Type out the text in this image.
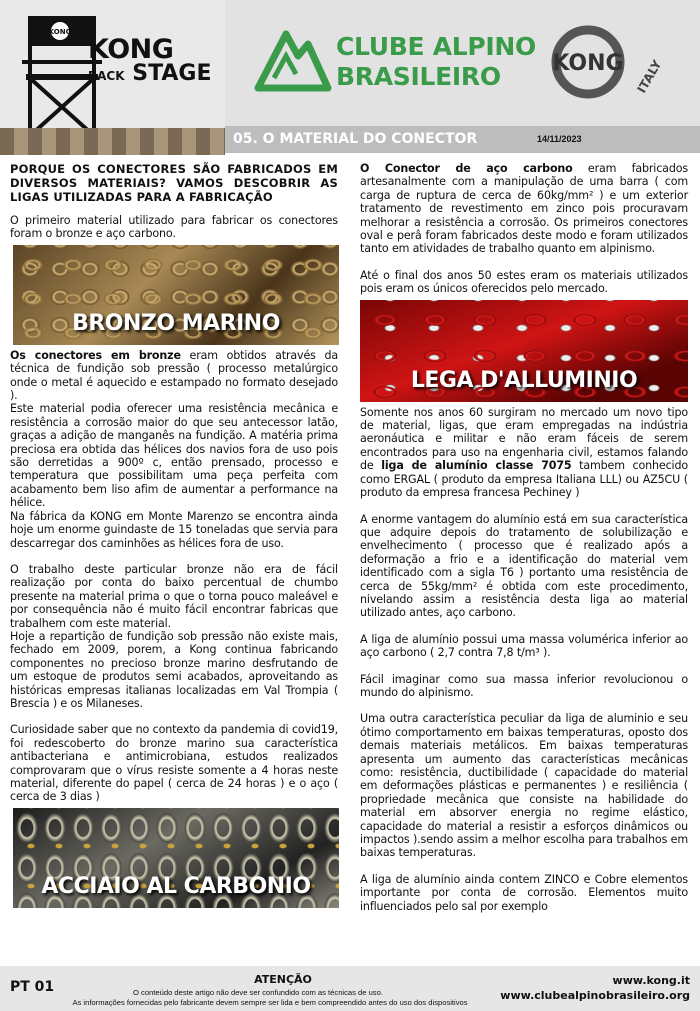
KONG
KONG
BACK STAGE
CLUBE ALPINO
BRASILEIRO	KONG ITALY
05. O MATERIAL DO CONECTOR	14/11/2023
PORQUE OS CONECTORES SÃO FABRICADOS EM DIVERSOS MATERIAIS? VAMOS DESCOBRIR AS LIGAS UTILIZADAS PARA A FABRICAÇÃO

O primeiro material utilizado para fabricar os conectores foram o bronze e aço carbono.

BRONZO MARINO

Os conectores em bronze eram obtidos através da técnica de fundição sob pressão ( processo metalúrgico onde o metal é aquecido e estampado no formato desejado ).

Este material podia oferecer uma resistência mecânica e resistência a corrosão maior do que seu antecessor latão, graças a adição de manganês na fundição. A matéria prima preciosa era obtida das hélices dos navios fora de uso pois são derretidas a 900º c, então prensado, processo e temperatura que possibilitam uma peça perfeita com acabamento bem liso afim de aumentar a performance na hélice.

Na fábrica da KONG em Monte Marenzo se encontra ainda hoje um enorme guindaste de 15 toneladas que servia para descarregar dos caminhões as hélices fora de uso.

O trabalho deste particular bronze não era de fácil realização por conta do baixo percentual de chumbo presente na material prima o que o torna pouco maleável e por consequência não é muito fácil encontrar fabricas que trabalhem com este material.

Hoje a repartição de fundição sob pressão não existe mais, fechado em 2009, porem, a Kong continua fabricando componentes no precioso bronze marino desfrutando de um estoque de produtos semi acabados, aproveitando as históricas empresas italianas localizadas em Val Trompia ( Brescia ) e os Milaneses.

Curiosidade saber que no contexto da pandemia di covid19, foi redescoberto do bronze marino sua característica antibacteriana e antimicrobiana, estudos realizados comprovaram que o vírus resiste somente a 4 horas neste material, diferente do papel ( cerca de 24 horas ) e o aço ( cerca de 3 dias )

ACCIAIO AL CARBONIO

O Conector de aço carbono eram fabricados artesanalmente com a manipulação de uma barra ( com carga de ruptura de cerca de 60kg/mm² ) e um exterior tratamento de revestimento em zinco pois procuravam melhorar a resistência a corrosão. Os primeiros conectores oval e perâ foram fabricados deste modo e foram utilizados tanto em atividades de trabalho quanto em alpinismo.

Até o final dos anos 50 estes eram os materiais utilizados pois eram os únicos oferecidos pelo mercado.

LEGA D'ALLUMINIO

Somente nos anos 60 surgiram no mercado um novo tipo de material, ligas, que eram empregadas na indústria aeronáutica e militar e não eram fáceis de serem encontrados para uso na engenharia civil, estamos falando de liga de alumínio classe 7075 tambem conhecido como ERGAL ( produto da empresa Italiana LLL) ou AZ5CU ( produto da empresa francesa Pechiney )

A enorme vantagem do alumínio está em sua característica que adquire depois do tratamento de solubilização e envelhecimento ( processo que é realizado após a deformação a frio e a identificação do material vem identificado com a sigla T6 ) portanto uma resistência de cerca de 55kg/mm² é obtida com este procedimento, nivelando assim a resistência desta liga ao material utilizado antes, aço carbono.

A liga de alumínio possui uma massa volumérica inferior ao aço carbono ( 2,7 contra 7,8 t/m³ ).

Fácil imaginar como sua massa inferior revolucionou o mundo do alpinismo.

Uma outra característica peculiar da liga de aluminio e seu ótimo comportamento em baixas temperaturas, oposto dos demais materiais metálicos. Em baixas temperaturas apresenta um aumento das características mecânicas como: resistência, ductibilidade ( capacidade do material em deformações plásticas e permanentes ) e resiliência ( propriedade mecânica que consiste na habilidade do material em absorver energia no regime elástico, capacidade do material a resistir a esforços dinâmicos ou impactos ).sendo assim a melhor escolha para trabalhos em baixas temperaturas.

A liga de alumínio ainda contem ZINCO e Cobre elementos importante por conta de corrosão. Elementos muito influenciados pelo sal por exemplo

PT 01	ATENÇÃO
O conteúdo deste artigo não deve ser confundido com as técnicas de uso.
As informações fornecidas pelo fabricante devem sempre ser lida e bem compreendido antes do uso dos dispositivos
www.kong.it
www.clubealpinobrasileiro.org
